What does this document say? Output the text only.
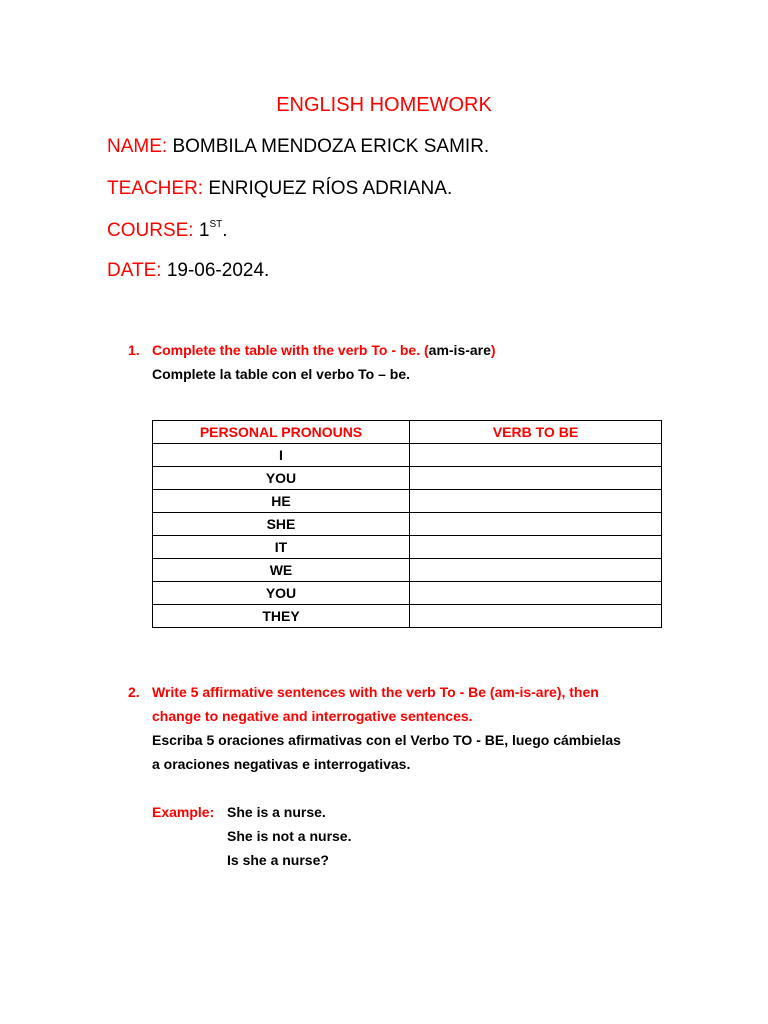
ENGLISH HOMEWORK
NAME: BOMBILA MENDOZA ERICK SAMIR.
TEACHER: ENRIQUEZ RÍOS ADRIANA.
COURSE: 1ST.
DATE: 19-06-2024.
1. Complete the table with the verb To - be. (am-is-are)
Complete la table con el verbo To – be.
PERSONAL PRONOUNS	VERB TO BE
I	
YOU	
HE	
SHE	
IT	
WE	
YOU	
THEY	
2. Write 5 affirmative sentences with the verb To - Be (am-is-are), then
change to negative and interrogative sentences.
Escriba 5 oraciones afirmativas con el Verbo TO - BE, luego cámbielas
a oraciones negativas e interrogativas.
Example: She is a nurse.
She is not a nurse.
Is she a nurse?
